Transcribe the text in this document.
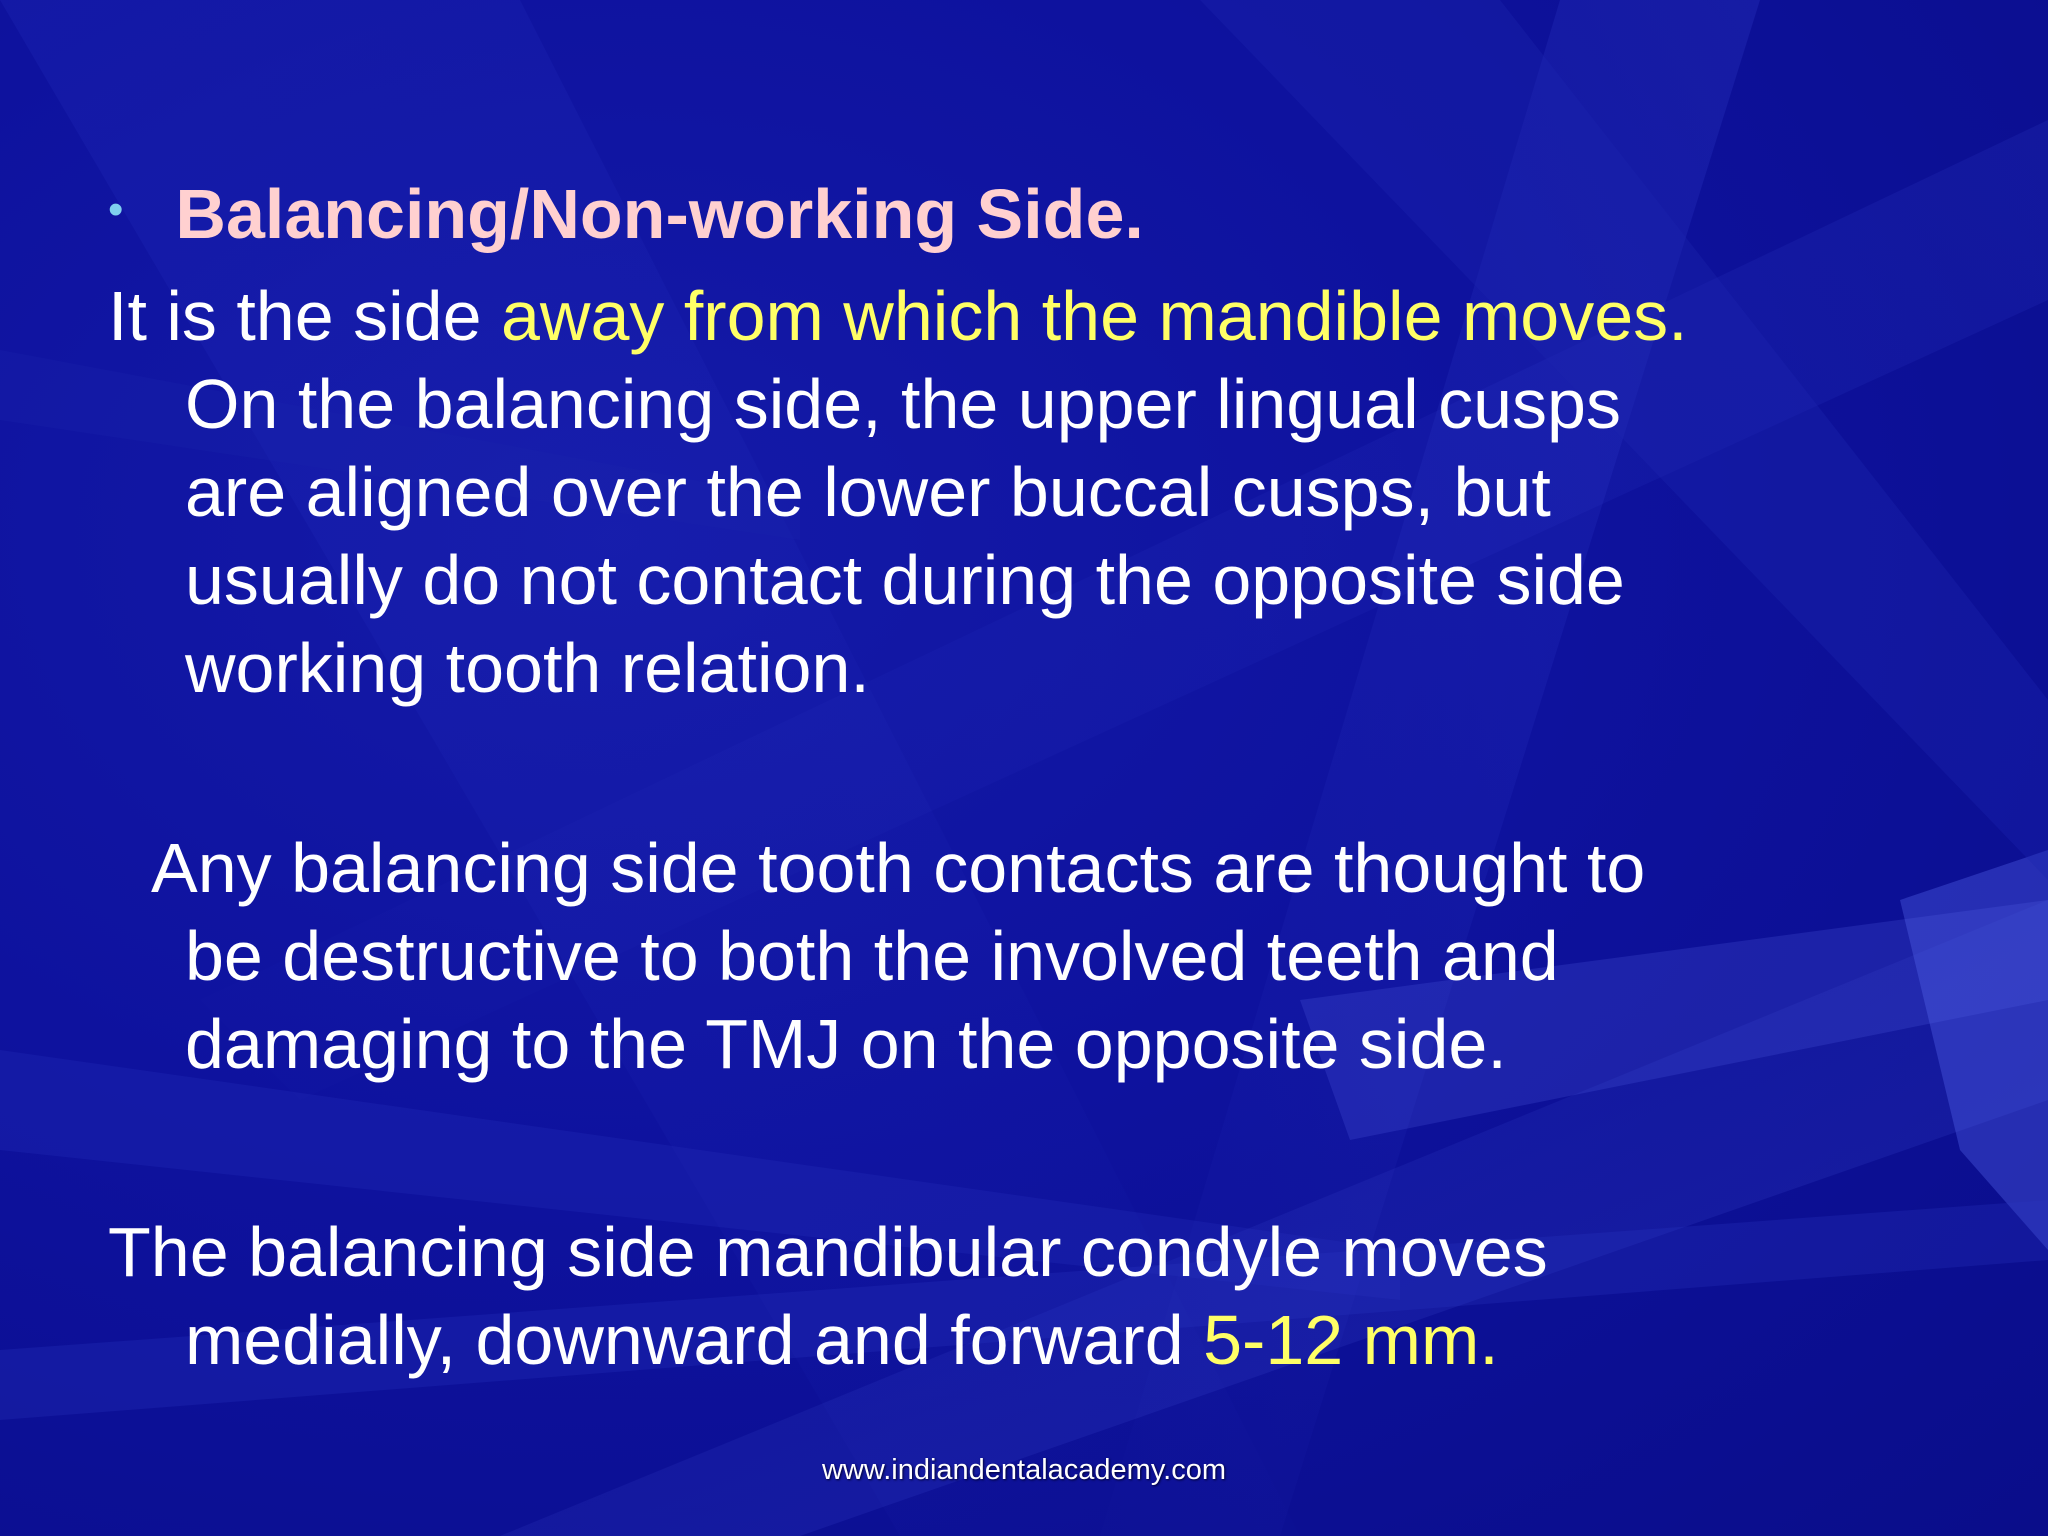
• Balancing/Non-working Side.
It is the side away from which the mandible moves.
On the balancing side, the upper lingual cusps
are aligned over the lower buccal cusps, but
usually do not contact during the opposite side
working tooth relation.
Any balancing side tooth contacts are thought to
be destructive to both the involved teeth and
damaging to the TMJ on the opposite side.
The balancing side mandibular condyle moves
medially, downward and forward 5-12 mm.
www.indiandentalacademy.com
